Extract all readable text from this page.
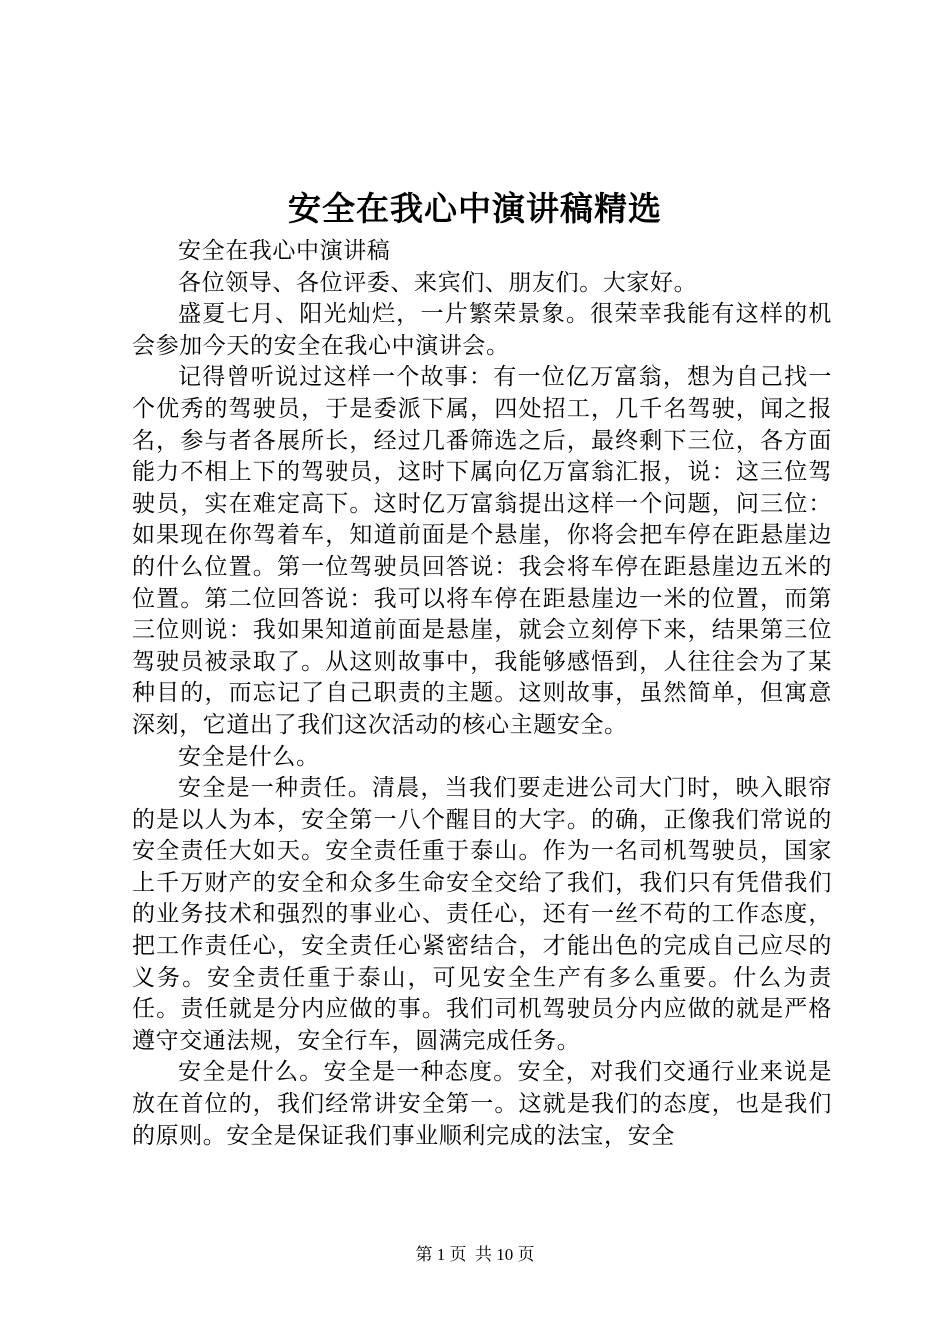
安全在我心中演讲稿精选

安全在我心中演讲稿

各位领导、各位评委、来宾们、朋友们。大家好。

盛夏七月、阳光灿烂，一片繁荣景象。很荣幸我能有这样的机会参加今天的安全在我心中演讲会。

记得曾听说过这样一个故事：有一位亿万富翁，想为自己找一个优秀的驾驶员，于是委派下属，四处招工，几千名驾驶，闻之报名，参与者各展所长，经过几番筛选之后，最终剩下三位，各方面能力不相上下的驾驶员，这时下属向亿万富翁汇报，说：这三位驾驶员，实在难定高下。这时亿万富翁提出这样一个问题，问三位：如果现在你驾着车，知道前面是个悬崖，你将会把车停在距悬崖边的什么位置。第一位驾驶员回答说：我会将车停在距悬崖边五米的位置。第二位回答说：我可以将车停在距悬崖边一米的位置，而第三位则说：我如果知道前面是悬崖，就会立刻停下来，结果第三位驾驶员被录取了。从这则故事中，我能够感悟到，人往往会为了某种目的，而忘记了自己职责的主题。这则故事，虽然简单，但寓意深刻，它道出了我们这次活动的核心主题安全。

安全是什么。

安全是一种责任。清晨，当我们要走进公司大门时，映入眼帘的是以人为本，安全第一八个醒目的大字。的确，正像我们常说的安全责任大如天。安全责任重于泰山。作为一名司机驾驶员，国家上千万财产的安全和众多生命安全交给了我们，我们只有凭借我们的业务技术和强烈的事业心、责任心，还有一丝不苟的工作态度，把工作责任心，安全责任心紧密结合，才能出色的完成自己应尽的义务。安全责任重于泰山，可见安全生产有多么重要。什么为责任。责任就是分内应做的事。我们司机驾驶员分内应做的就是严格遵守交通法规，安全行车，圆满完成任务。

安全是什么。安全是一种态度。安全，对我们交通行业来说是放在首位的，我们经常讲安全第一。这就是我们的态度，也是我们的原则。安全是保证我们事业顺利完成的法宝，安全

第 1 页  共 10 页
